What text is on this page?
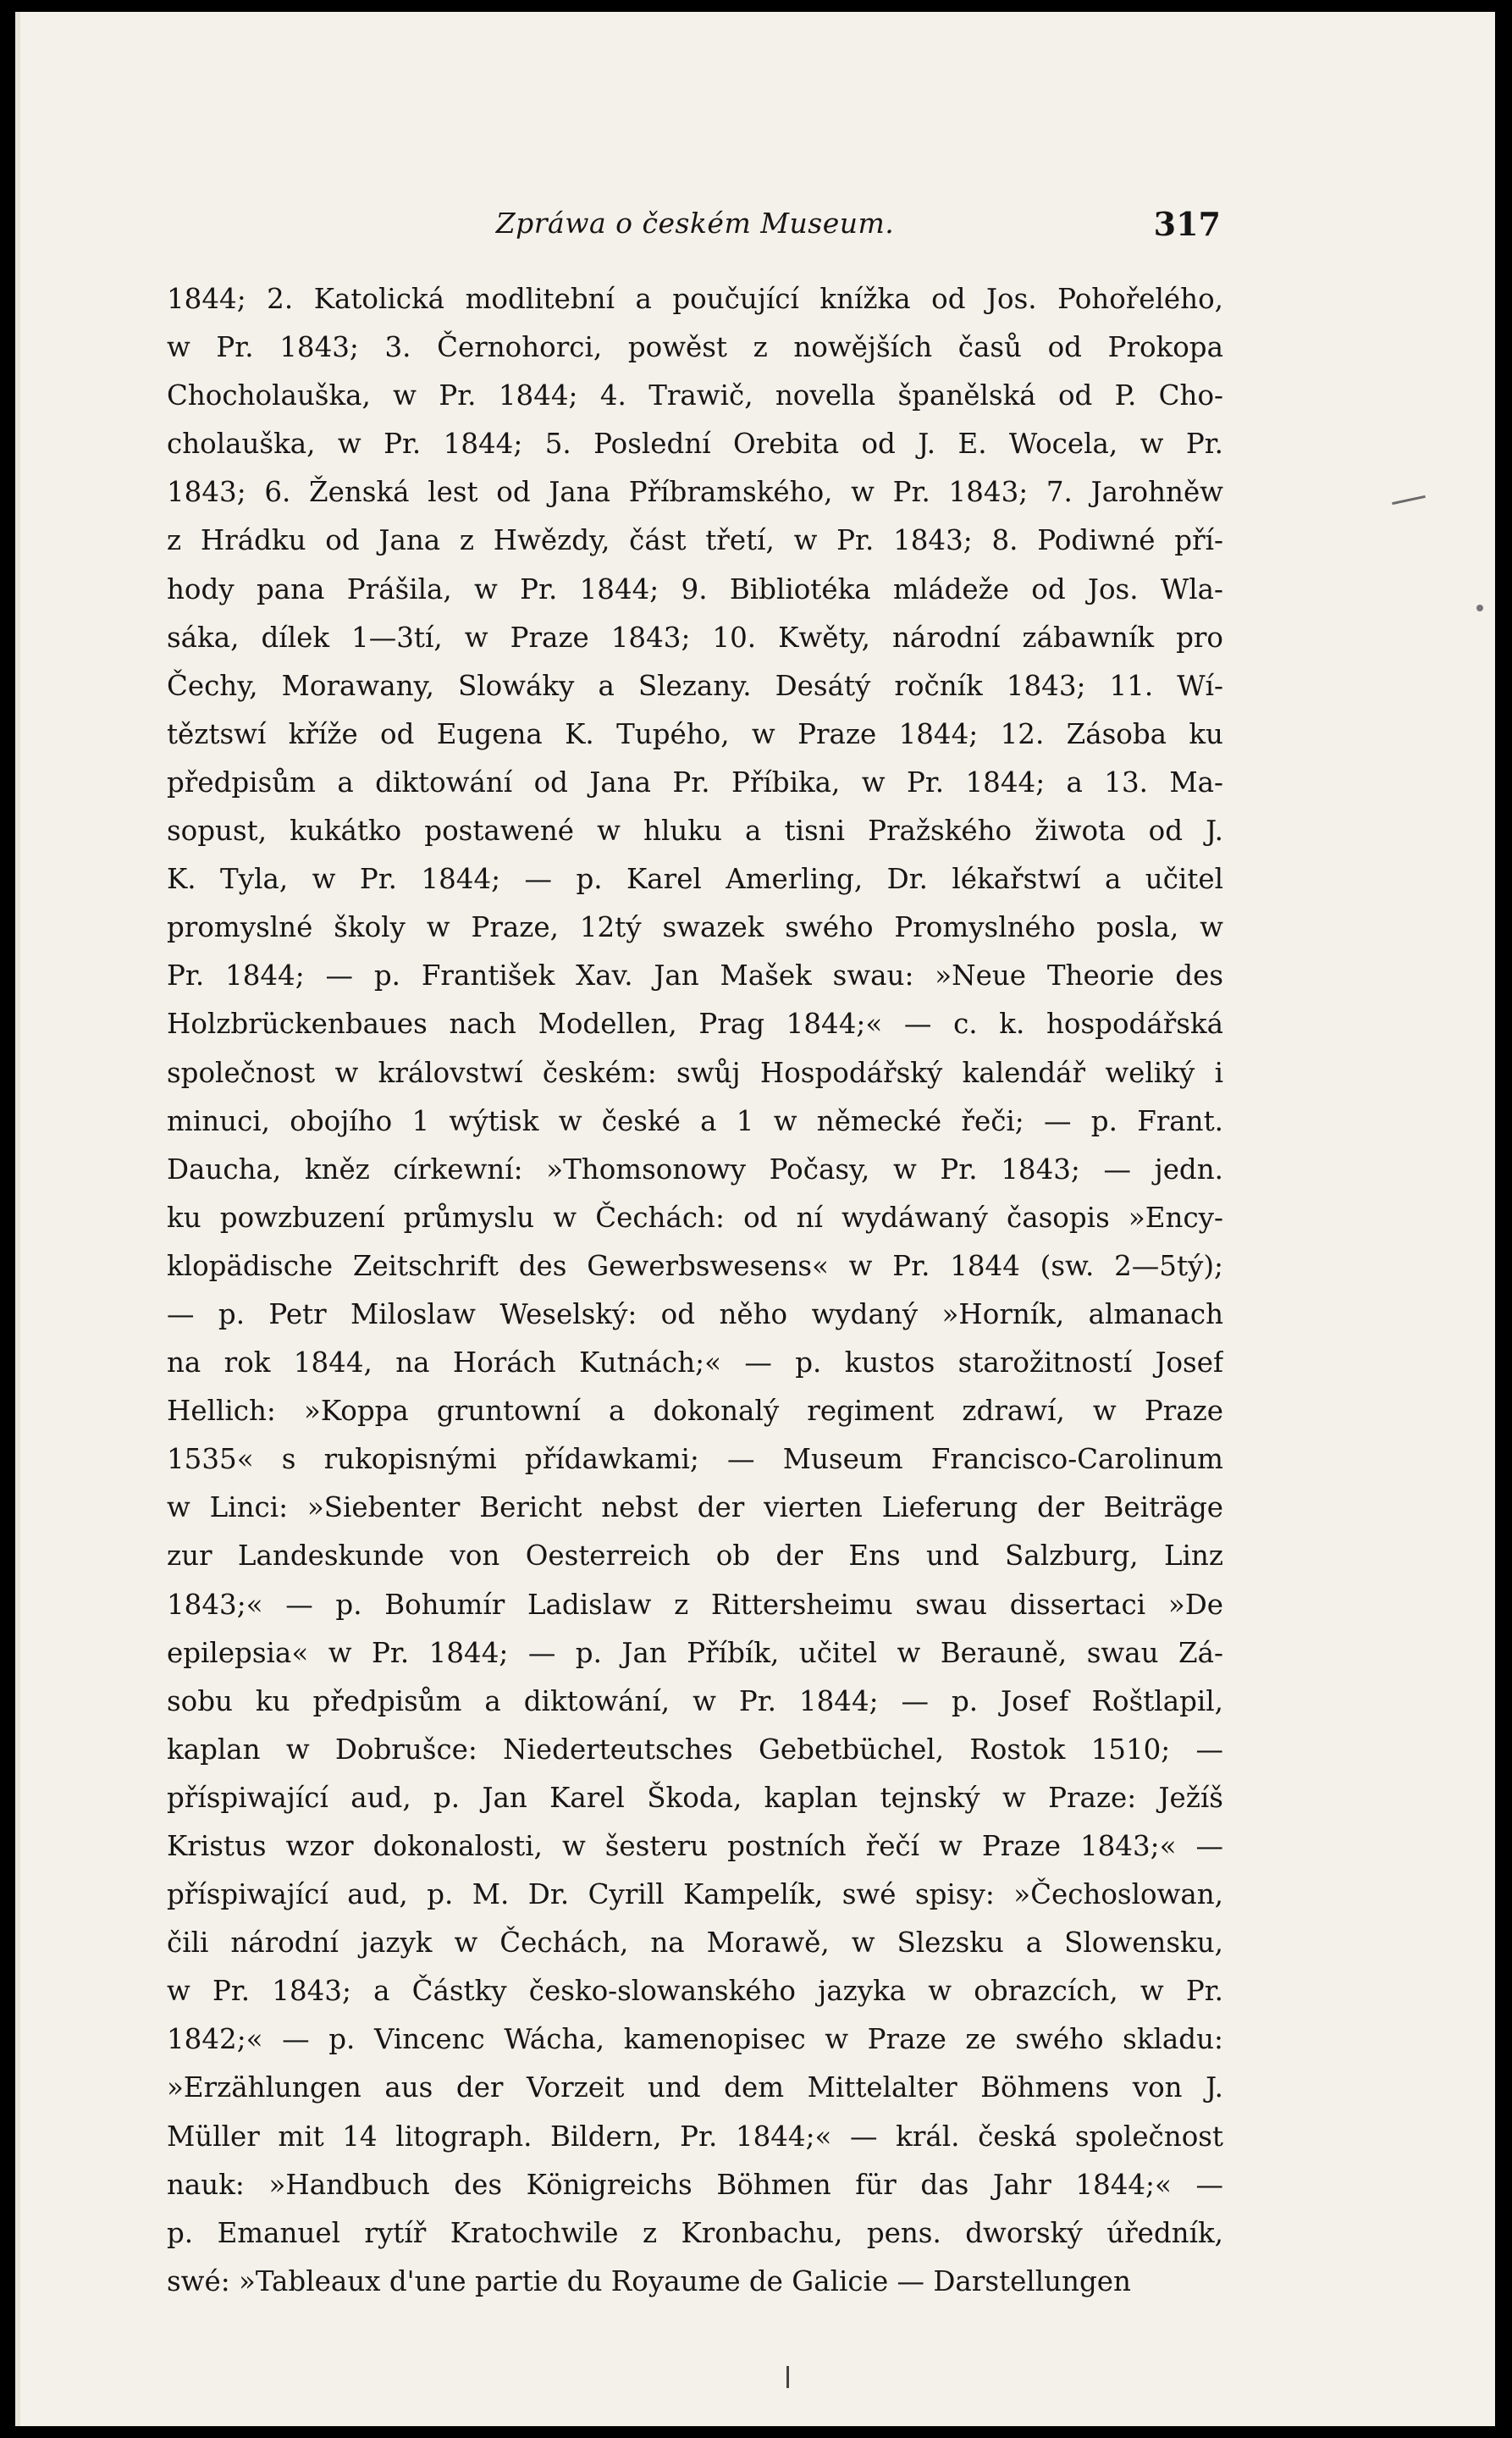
Zpráwa o českém Museum.	317
1844; 2. Katolická modlitební a poučující knížka od Jos. Pohořelého,
w Pr. 1843; 3. Černohorci, powěst z nowějších časů od Prokopa
Chocholauška, w Pr. 1844; 4. Trawič, novella španělská od P. Cho-
cholauška, w Pr. 1844; 5. Poslední Orebita od J. E. Wocela, w Pr.
1843; 6. Ženská lest od Jana Příbramského, w Pr. 1843; 7. Jarohněw
z Hrádku od Jana z Hwězdy, část třetí, w Pr. 1843; 8. Podiwné pří-
hody pana Prášila, w Pr. 1844; 9. Bibliotéka mládeže od Jos. Wla-
sáka, dílek 1—3tí, w Praze 1843; 10. Kwěty, národní zábawník pro
Čechy, Morawany, Slowáky a Slezany. Desátý ročník 1843; 11. Wí-
těztswí kříže od Eugena K. Tupého, w Praze 1844; 12. Zásoba ku
předpisům a diktowání od Jana Pr. Příbika, w Pr. 1844; a 13. Ma-
sopust, kukátko postawené w hluku a tisni Pražského žiwota od J.
K. Tyla, w Pr. 1844; — p. Karel Amerling, Dr. lékařstwí a učitel
promyslné školy w Praze, 12tý swazek swého Promyslného posla, w
Pr. 1844; — p. František Xav. Jan Mašek swau: »Neue Theorie des
Holzbrückenbaues nach Modellen, Prag 1844;« — c. k. hospodářská
společnost w královstwí českém: swůj Hospodářský kalendář weliký i
minuci, obojího 1 wýtisk w české a 1 w německé řeči; — p. Frant.
Daucha, kněz církewní: »Thomsonowy Počasy, w Pr. 1843; — jedn.
ku powzbuzení průmyslu w Čechách: od ní wydáwaný časopis »Ency-
klopädische Zeitschrift des Gewerbswesens« w Pr. 1844 (sw. 2—5tý);
— p. Petr Miloslaw Weselský: od něho wydaný »Horník, almanach
na rok 1844, na Horách Kutnách;« — p. kustos starožitností Josef
Hellich: »Koppa gruntowní a dokonalý regiment zdrawí, w Praze
1535« s rukopisnými přídawkami; — Museum Francisco-Carolinum
w Linci: »Siebenter Bericht nebst der vierten Lieferung der Beiträge
zur Landeskunde von Oesterreich ob der Ens und Salzburg, Linz
1843;« — p. Bohumír Ladislaw z Rittersheimu swau dissertaci »De
epilepsia« w Pr. 1844; — p. Jan Příbík, učitel w Berauně, swau Zá-
sobu ku předpisům a diktowání, w Pr. 1844; — p. Josef Roštlapil,
kaplan w Dobrušce: Niederteutsches Gebetbüchel, Rostok 1510; —
příspiwající aud, p. Jan Karel Škoda, kaplan tejnský w Praze: Ježíš
Kristus wzor dokonalosti, w šesteru postních řečí w Praze 1843;« —
příspiwající aud, p. M. Dr. Cyrill Kampelík, swé spisy: »Čechoslowan,
čili národní jazyk w Čechách, na Morawě, w Slezsku a Slowensku,
w Pr. 1843; a Částky česko-slowanského jazyka w obrazcích, w Pr.
1842;« — p. Vincenc Wácha, kamenopisec w Praze ze swého skladu:
»Erzählungen aus der Vorzeit und dem Mittelalter Böhmens von J.
Müller mit 14 litograph. Bildern, Pr. 1844;« — král. česká společnost
nauk: »Handbuch des Königreichs Böhmen für das Jahr 1844;« —
p. Emanuel rytíř Kratochwile z Kronbachu, pens. dworský úředník,
swé: »Tableaux d'une partie du Royaume de Galicie — Darstellungen
